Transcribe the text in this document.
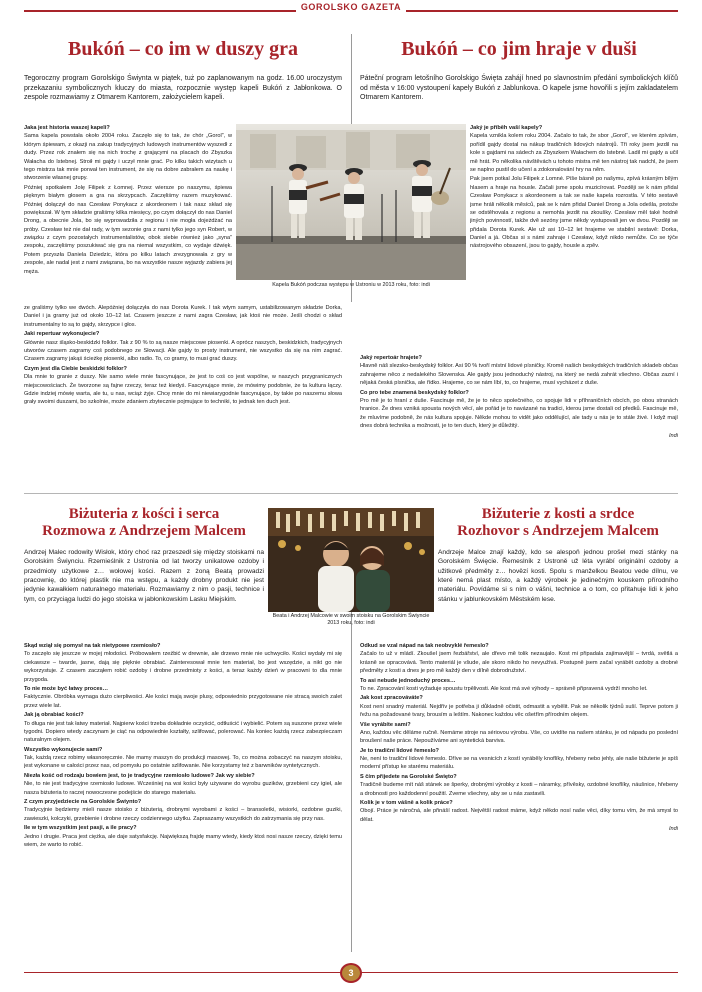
GOROLSKO GAZETA
Bukóń – co im w duszy gra	Bukóń – co jim hraje v duši

Tegoroczny program Gorolskigo Świynta w piątek, tuż po zaplanowanym na godz. 16.00 uroczystym przekazaniu symbolicznych kluczy do miasta, rozpocznie występ kapeli Bukóń z Jabłonkowa. O zespole rozmawiamy z Otmarem Kantorem, założycielem kapeli.

Páteční program letošního Gorolskigo Święta zahájí hned po slavnostním předání symbolických klíčů od města v 16:00 vystoupení kapely Bukóń z Jablunkova. O kapele jsme hovořili s jejím zakladatelem Otmarem Kantorem.

Jaka jest historia waszej kapeli?
Sama kapela powstała około 2004 roku. Zaczęło się to tak, że chór „Gorol”, w którym śpiewam, z okazji na zakup tradycyjnych ludowych instrumentów wyszedł z dudy. Przez rok znałem się na nich trochę z grającymi na placach do Zbyszka Wałacha do Istebnej. Stroił mi gajdy i uczył mnie grać. Po kilku takich wizytach u tego mistrza tak mnie porwał ten instrument, że się na dobre zabrałem za naukę i stworzenie własnej grupy.

Później spotkałem Jolę Filipek z Łomnej. Przez wiersze po naszymu, śpiewa pięknym białym głosem a gra na skrzypcach. Zaczęliśmy razem muzykować. Później dołączył do nas Czesław Ponykacz z akordeonem i tak nasz skład się powiększał. W tym składzie graliśmy kilka miesięcy, po czym dołączył do nas Daniel Drong, a obecnie Jola, bo się wyprowadziła z regionu i nie mogła dojeżdżać na próby. Czesław też nie dał rady, w tym sezonie gra z nami tylko jego syn Robert, w związku z czym pozostałych instrumentalistów, obok siebie również jako „syna” zespołu, zaczęliśmy poszukiwać się gra na niemal wszystkim, co wydaje dźwięk. Potem przyszła Daniela Dziedzic, która po kilku latach zrezygnowała z gry w zespole, ale nadal jest z nami związana, bo na wszystkie nasze wyjazdy zabiera jej męża.

Kapela Bukóń podczas występu w Ustroniu w 2013 roku, foto: indi

Jaký je příběh vaší kapely?
Kapela vznikla kolem roku 2004. Začalo to tak, že sbor „Gorol“, ve kterém zpívám, pořídil gajdy dostal na nákup tradičních lidových nástrojů. Tři roky jsem jezdil na kole s gajdami na sádech za Zbyszkem Wałachem do Istebné. Ladil mi gajdy a učil mě hrát. Po několika návštěvách u tohoto mistra mě ten nástroj tak nadchl, že jsem se naplno pustil do učení a zdokonalování hry na něm.

Pak jsem potkal Jolu Filipek z Lomné. Píše básně po našymu, zpívá krásným bílým hlasem a hraje na housle. Začali jsme spolu muzicírovat. Později se k nám přidal Czesław Ponykacz s akordeonem a tak se naše kapela rozrostla. V této sestavě jsme hráli několik měsíců, pak se k nám přidal Daniel Drong a Jola odešla, protože se odstěhovala z regionu a nemohla jezdit na zkoušky. Czesław měl také hodně jiných povinností, takže dvě sezóny jsme někdy vystupovali jen ve dvou. Později se přidala Dorota Kurek. Ale už asi 10–12 let hrajeme ve stabilní sestavě: Dorka, Daniel a já. Občas si s námi zahraje i Czesław, když nikdo nemůže. Co se týče nástrojového obsazení, jsou to gajdy, housle a zpěv.

ze graliśmy tylko we dwóch. Alepóźniej dołączyła do nas Dorota Kurek. I tak wtym samym, ustabilizowanym składzie Dorka, Daniel i ja gramy już od około 10–12 lat. Czasem jeszcze z nami zagra Czesław, jak ktoś nie może. Jeśli chodzi o skład instrumentalny to są to gajdy, skrzypce i głos.

Jaki repertuar wykonujecie?
Głównie nasz śląsko-beskidzki folklor. Tak z 90 % to są nasze miejscowe piosenki. A oprócz naszych, beskidzkich, tradycyjnych utworów czasem zagramy coś podobnego ze Słowacji. Ale gajdy to prosty instrument, nie wszystko da się na nim zagrać. Czasem zagramy jakąś ścieżkę piosenki, albo radio. To, co gramy, to musi grać duszy.

Czym jest dla Ciebie beskidzki folklor?
Dla mnie to granie z duszy. Nie samo wiele mnie fascynujące, że jest to coś co jest wspólne, w naszych przygranicznych miejscowościach. Że tworzone są fajne rzeczy, teraz też kiedyś. Fascynujące mnie, że mówimy podobnie, że ta kultura łączy. Gdzie indziej mówię warta, ale tu, u nas, wciąż żyje. Chcę mnie do mi niewiarygodnie fascynujące, by takie po naszemu słowa grały swoimi duszami, bo szkolnie, może zdaniem zbytecznie pojmujące to techniki, to jednak ten duch jest.

Jaký repertoár hrajete?
Hlavně náš slezsko-beskydský folklor. Asi 90 % tvoří místní lidové písničky. Kromě našich beskydských tradičních skladeb občas zahrajeme něco z nedalekého Slovenska. Ale gajdy jsou jednoduchý nástroj, na který se nedá zahrát všechno. Občas zazní i nějaká česká písnička, ale řídko. Hrajeme, co se nám líbí, to, co hrajeme, musí vycházet z duše.

Co pro tebe znamená beskydský folklor?
Pro mě je to hraní z duše. Fascinuje mě, že je to něco společného, co spojuje lidi v příhraničních obcích, po obou stranách hranice. Že dnes vzniká spousta nových věcí, ale pořád je to navázané na tradici, kterou jsme dostali od předků. Fascinuje mě, že mluvíme podobně, že nás kultura spojuje. Někde mohou to vidět jako oddělující, ale tady u nás je to stále živé. I když mají dnes dobrá technika a možnosti, je to ten duch, který je důležitý.

Indi
Biżuteria z kości i serca
Rozmowa z Andrzejem Malcem
Bižuterie z kosti a srdce
Rozhovor s Andrzejem Malcem
Beata i Andrzej Malcowie w swoim stoisku na Gorolskim Świyncie 2013 roku, foto: indi

Andrzej Malec rodowity Wisłok, który choć raz przeszedł się między stoiskami na Gorolskim Świynciu. Rzemieślnik z Ustronia od lat tworzy unikatowe ozdoby i przedmioty użytkowe z… wołowej kości. Razem z żoną Beatą prowadzi pracownię, do której plastik nie ma wstępu, a każdy drobny produkt nie jest jedynie kawałkiem naturalnego materiału. Rozmawiamy z nim o pasji, technice i tym, co przyciąga ludzi do jego stoiska w jabłonkowskim Lasku Miejskim.

Andrzeje Malce znají každý, kdo se alespoň jednou prošel mezi stánky na Gorolském Święcie. Řemeslník z Ustroně už léta vyrábí originální ozdoby a užitkové předměty z… hovězí kosti. Spolu s manželkou Beatou vede dílnu, ve které nemá plast místo, a každý výrobek je jedinečným kouskem přírodního materiálu. Povídáme si s ním o vášni, technice a o tom, co přitahuje lidi k jeho stánku v jablunkovském Městském lese.

Skąd wziął się pomysł na tak nietypowe rzemiosło?
To zaczęło się jeszcze w mojej młodości. Próbowałem rzeźbić w drewnie, ale drzewo mnie nie uchwyciło. Kości wydały mi się ciekawsze – twarde, jasne, dają się pięknie obrabiać. Zainteresował mnie ten materiał, bo jest wszędzie, a nikt go nie wykorzystuje. Z czasem zacząłem robić ozdoby i drobne przedmioty z kości, a teraz każdy dzień w pracowni to dla mnie przygoda.

To nie może być łatwy proces…
Faktycznie. Obróbka wymaga dużo cierpliwości. Ale kości mają swoje plusy, odpowiednio przygotowane nie stracą swoich zalet przez wiele lat.

Jak ją obrabiać kości?
To długa nie jest tak łatwy materiał. Najpierw kości trzeba dokładnie oczyścić, odtłuścić i wybielić. Potem są suszone przez wiele tygodni. Dopiero wtedy zaczynam je ciąć na odpowiednie kształty, szlifować, polerować. Na koniec każdą rzecz zabezpieczam naturalnym olejem.

Wszystko wykonujecie sami?
Tak, każdą rzecz robimy własnoręcznie. Nie mamy maszyn do produkcji masowej. To, co można zobaczyć na naszym stoisku, jest wykonane w całości przez nas, od pomysłu po ostatnie szlifowanie. Nie korzystamy też z barwników syntetycznych.

Niezła kość od rodzaju bowiem jest, to je tradycyjne rzemiosło ludowe? Jak wy siebie?
Nie, to nie jest tradycyjne rzemiosło ludowe. Wcześniej na wsi kości były używane do wyrobu guzików, grzebieni czy igieł, ale nasza biżuteria to raczej nowoczesne podejście do starego materiału.

Z czym przyjedziecie na Gorolskie Świynto?
Tradycyjnie będziemy mieli nasze stoisko z biżuterią, drobnymi wyrobami z kości – bransoletki, wisiorki, ozdobne guziki, zawieszki, kolczyki, grzebienie i drobne rzeczy codziennego użytku. Zapraszamy wszystkich do zatrzymania się przy nas.

Ile w tym wszystkim jest pasji, a ile pracy?
Jedno i drugie. Praca jest ciężka, ale daje satysfakcję. Największą frajdę mamy wtedy, kiedy ktoś nosi nasze rzeczy, dzięki temu wiem, że warto to robić.

Odkud se vzal nápad na tak neobvyklé řemeslo?
Začalo to už v mládí. Zkoušel jsem řezbářství, ale dřevo mě tolik nezaujalo. Kost mi připadala zajímavější – tvrdá, světlá a krásně se opracovává. Tento materiál je všude, ale skoro nikdo ho nevyužívá. Postupně jsem začal vyrábět ozdoby a drobné předměty z kosti a dnes je pro mě každý den v dílně dobrodružství.

To asi nebude jednoduchý proces…
To ne. Zpracování kosti vyžaduje spoustu trpělivosti. Ale kost má své výhody – správně připravená vydrží mnoho let.

Jak kost zpracováváte?
Kost není snadný materiál. Nejdřív je potřeba ji důkladně očistit, odmastit a vybělit. Pak se několik týdnů suší. Teprve potom ji řežu na požadované tvary, brousím a leštím. Nakonec každou věc ošetřím přírodním olejem.

Vše vyrábíte sami?
Ano, každou věc děláme ručně. Nemáme stroje na sériovou výrobu. Vše, co uvidíte na našem stánku, je od nápadu po poslední broušení naše práce. Nepoužíváme ani syntetická barviva.

Je to tradiční lidové řemeslo?
Ne, není to tradiční lidové řemeslo. Dříve se na vesnicích z kostí vyráběly knoflíky, hřebeny nebo jehly, ale naše bižuterie je spíš moderní přístup ke starému materiálu.

S čím přijedete na Gorolské Święto?
Tradičně budeme mít náš stánek se šperky, drobnými výrobky z kosti – náramky, přívěsky, ozdobné knoflíky, náušnice, hřebeny a drobnosti pro každodenní použití. Zveme všechny, aby se u nás zastavili.

Kolik je v tom vášně a kolik práce?
Obojí. Práce je náročná, ale přináší radost. Největší radost máme, když někdo nosí naše věci, díky tomu vím, že má smysl to dělat.

Indi
3
